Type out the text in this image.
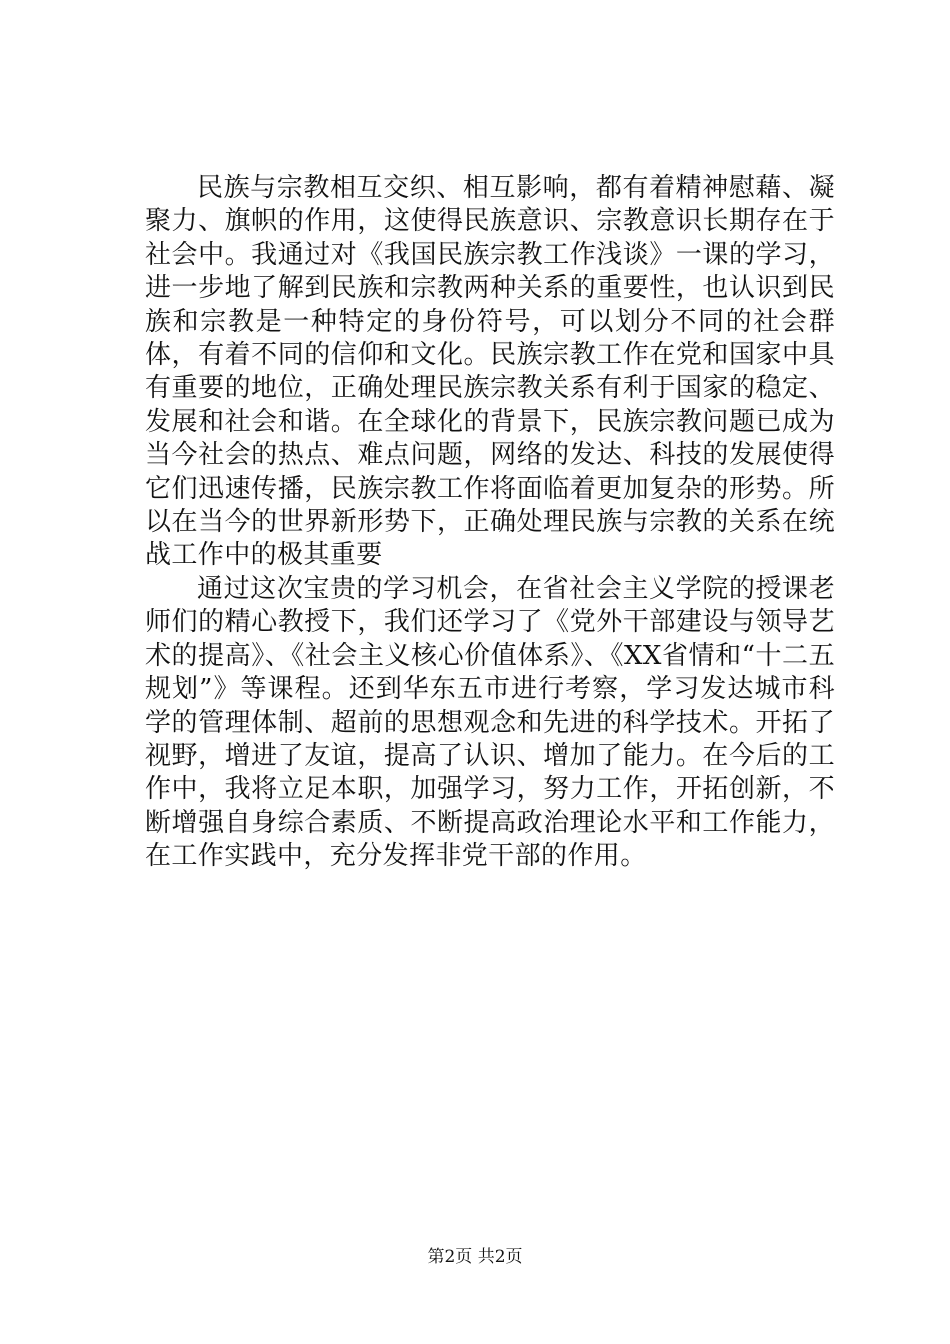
民族与宗教相互交织、相互影响，都有着精神慰藉、凝聚力、旗帜的作用，这使得民族意识、宗教意识长期存在于社会中。我通过对《我国民族宗教工作浅谈》一课的学习，进一步地了解到民族和宗教两种关系的重要性，也认识到民族和宗教是一种特定的身份符号，可以划分不同的社会群体，有着不同的信仰和文化。民族宗教工作在党和国家中具有重要的地位，正确处理民族宗教关系有利于国家的稳定、发展和社会和谐。在全球化的背景下，民族宗教问题已成为当今社会的热点、难点问题，网络的发达、科技的发展使得它们迅速传播，民族宗教工作将面临着更加复杂的形势。所以在当今的世界新形势下，正确处理民族与宗教的关系在统战工作中的极其重要

通过这次宝贵的学习机会，在省社会主义学院的授课老师们的精心教授下，我们还学习了《党外干部建设与领导艺术的提高》、《社会主义核心价值体系》、《XX省情和“十二五规划”》等课程。还到华东五市进行考察，学习发达城市科学的管理体制、超前的思想观念和先进的科学技术。开拓了视野，增进了友谊，提高了认识、增加了能力。在今后的工作中，我将立足本职，加强学习，努力工作，开拓创新，不断增强自身综合素质、不断提高政治理论水平和工作能力，在工作实践中，充分发挥非党干部的作用。

第2页 共2页
